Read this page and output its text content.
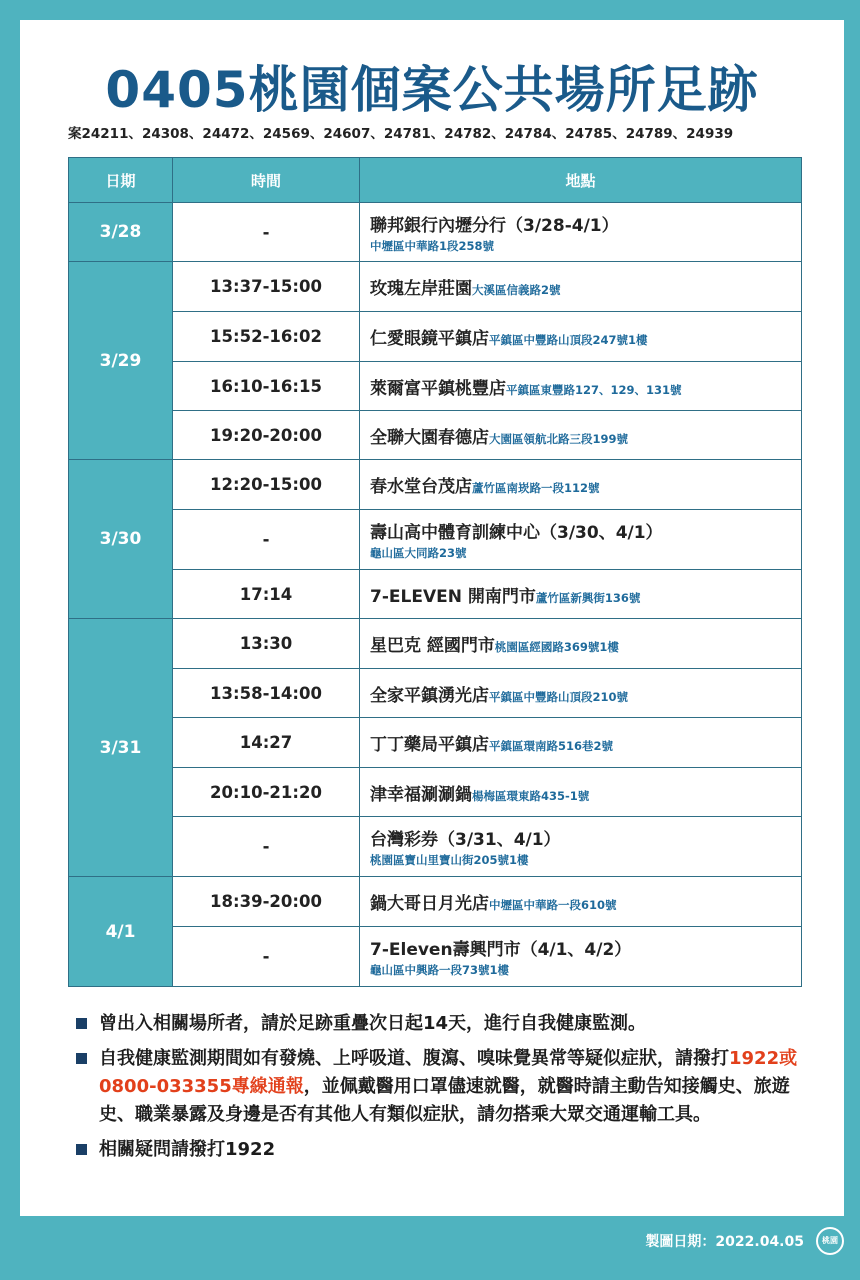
0405桃園個案公共場所足跡
案24211、24308、24472、24569、24607、24781、24782、24784、24785、24789、24939
日期	時間	地點
3/28	-	聯邦銀行內壢分行（3/28-4/1）
中壢區中華路1段258號

3/29	13:37-15:00	玫瑰左岸莊園大溪區信義路2號
	15:52-16:02	仁愛眼鏡平鎮店平鎮區中豐路山頂段247號1樓
	16:10-16:15	萊爾富平鎮桃豐店平鎮區東豐路127、129、131號
	19:20-20:00	全聯大園春德店大園區領航北路三段199號
3/30	12:20-15:00	春水堂台茂店蘆竹區南崁路一段112號
	-	壽山高中體育訓練中心（3/30、4/1）
龜山區大同路23號

	17:14	7-ELEVEN 開南門市蘆竹區新興街136號
3/31	13:30	星巴克 經國門市桃園區經國路369號1樓
	13:58-14:00	全家平鎮湧光店平鎮區中豐路山頂段210號
	14:27	丁丁藥局平鎮店平鎮區環南路516巷2號
	20:10-21:20	津幸福涮涮鍋楊梅區環東路435-1號
	-	台灣彩券（3/31、4/1）
桃園區寶山里寶山街205號1樓

4/1	18:39-20:00	鍋大哥日月光店中壢區中華路一段610號
	-	7-Eleven壽興門市（4/1、4/2）
龜山區中興路一段73號1樓
曾出入相關場所者，請於足跡重疊次日起14天，進行自我健康監測。
自我健康監測期間如有發燒、上呼吸道、腹瀉、嗅味覺異常等疑似症狀，請撥打1922或0800-033355專線通報，並佩戴醫用口罩儘速就醫，就醫時請主動告知接觸史、旅遊史、職業暴露及身邊是否有其他人有類似症狀，請勿搭乘大眾交通運輸工具。
相關疑問請撥打1922
製圖日期：2022.04.05	桃園
